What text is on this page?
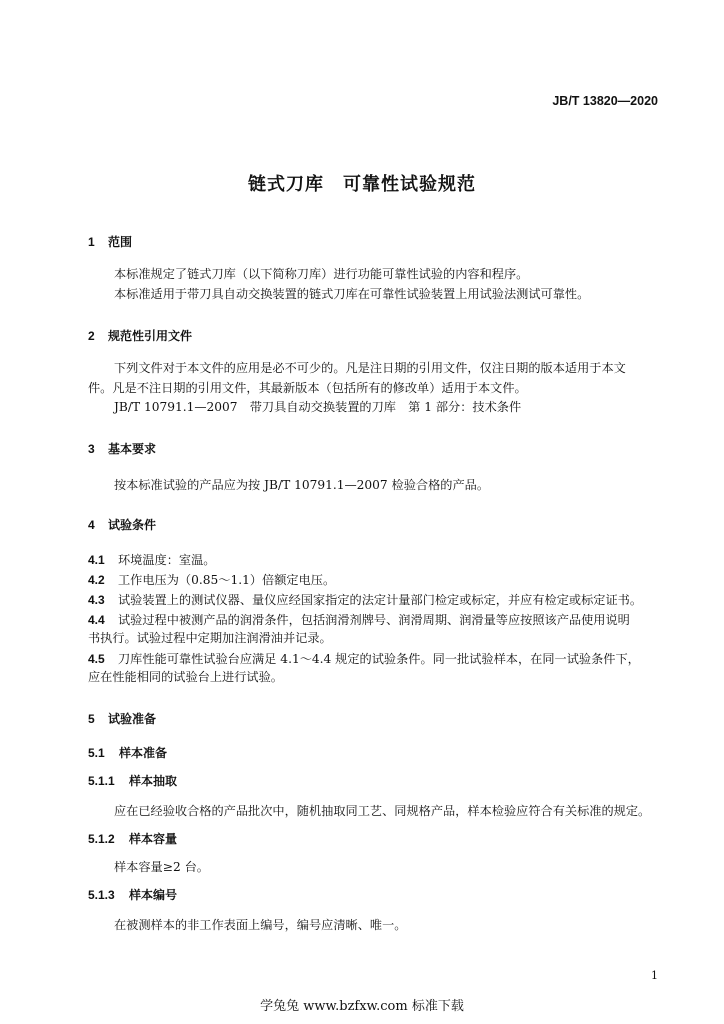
JB/T 13820—2020
链式刀库　可靠性试验规范
1 范围
本标准规定了链式刀库（以下简称刀库）进行功能可靠性试验的内容和程序。
本标准适用于带刀具自动交换装置的链式刀库在可靠性试验装置上用试验法测试可靠性。
2 规范性引用文件
下列文件对于本文件的应用是必不可少的。凡是注日期的引用文件，仅注日期的版本适用于本文
件。凡是不注日期的引用文件，其最新版本（包括所有的修改单）适用于本文件。
JB/T 10791.1—2007　带刀具自动交换装置的刀库　第 1 部分：技术条件
3 基本要求
按本标准试验的产品应为按 JB/T 10791.1—2007 检验合格的产品。
4 试验条件
4.1 环境温度：室温。
4.2 工作电压为（0.85～1.1）倍额定电压。
4.3 试验装置上的测试仪器、量仪应经国家指定的法定计量部门检定或标定，并应有检定或标定证书。
4.4 试验过程中被测产品的润滑条件，包括润滑剂牌号、润滑周期、润滑量等应按照该产品使用说明
书执行。试验过程中定期加注润滑油并记录。
4.5 刀库性能可靠性试验台应满足 4.1～4.4 规定的试验条件。同一批试验样本，在同一试验条件下，
应在性能相同的试验台上进行试验。
5 试验准备
5.1 样本准备
5.1.1 样本抽取
应在已经验收合格的产品批次中，随机抽取同工艺、同规格产品，样本检验应符合有关标准的规定。
5.1.2 样本容量
样本容量≥2 台。
5.1.3 样本编号
在被测样本的非工作表面上编号，编号应清晰、唯一。
1
学兔兔 www.bzfxw.com 标准下载
